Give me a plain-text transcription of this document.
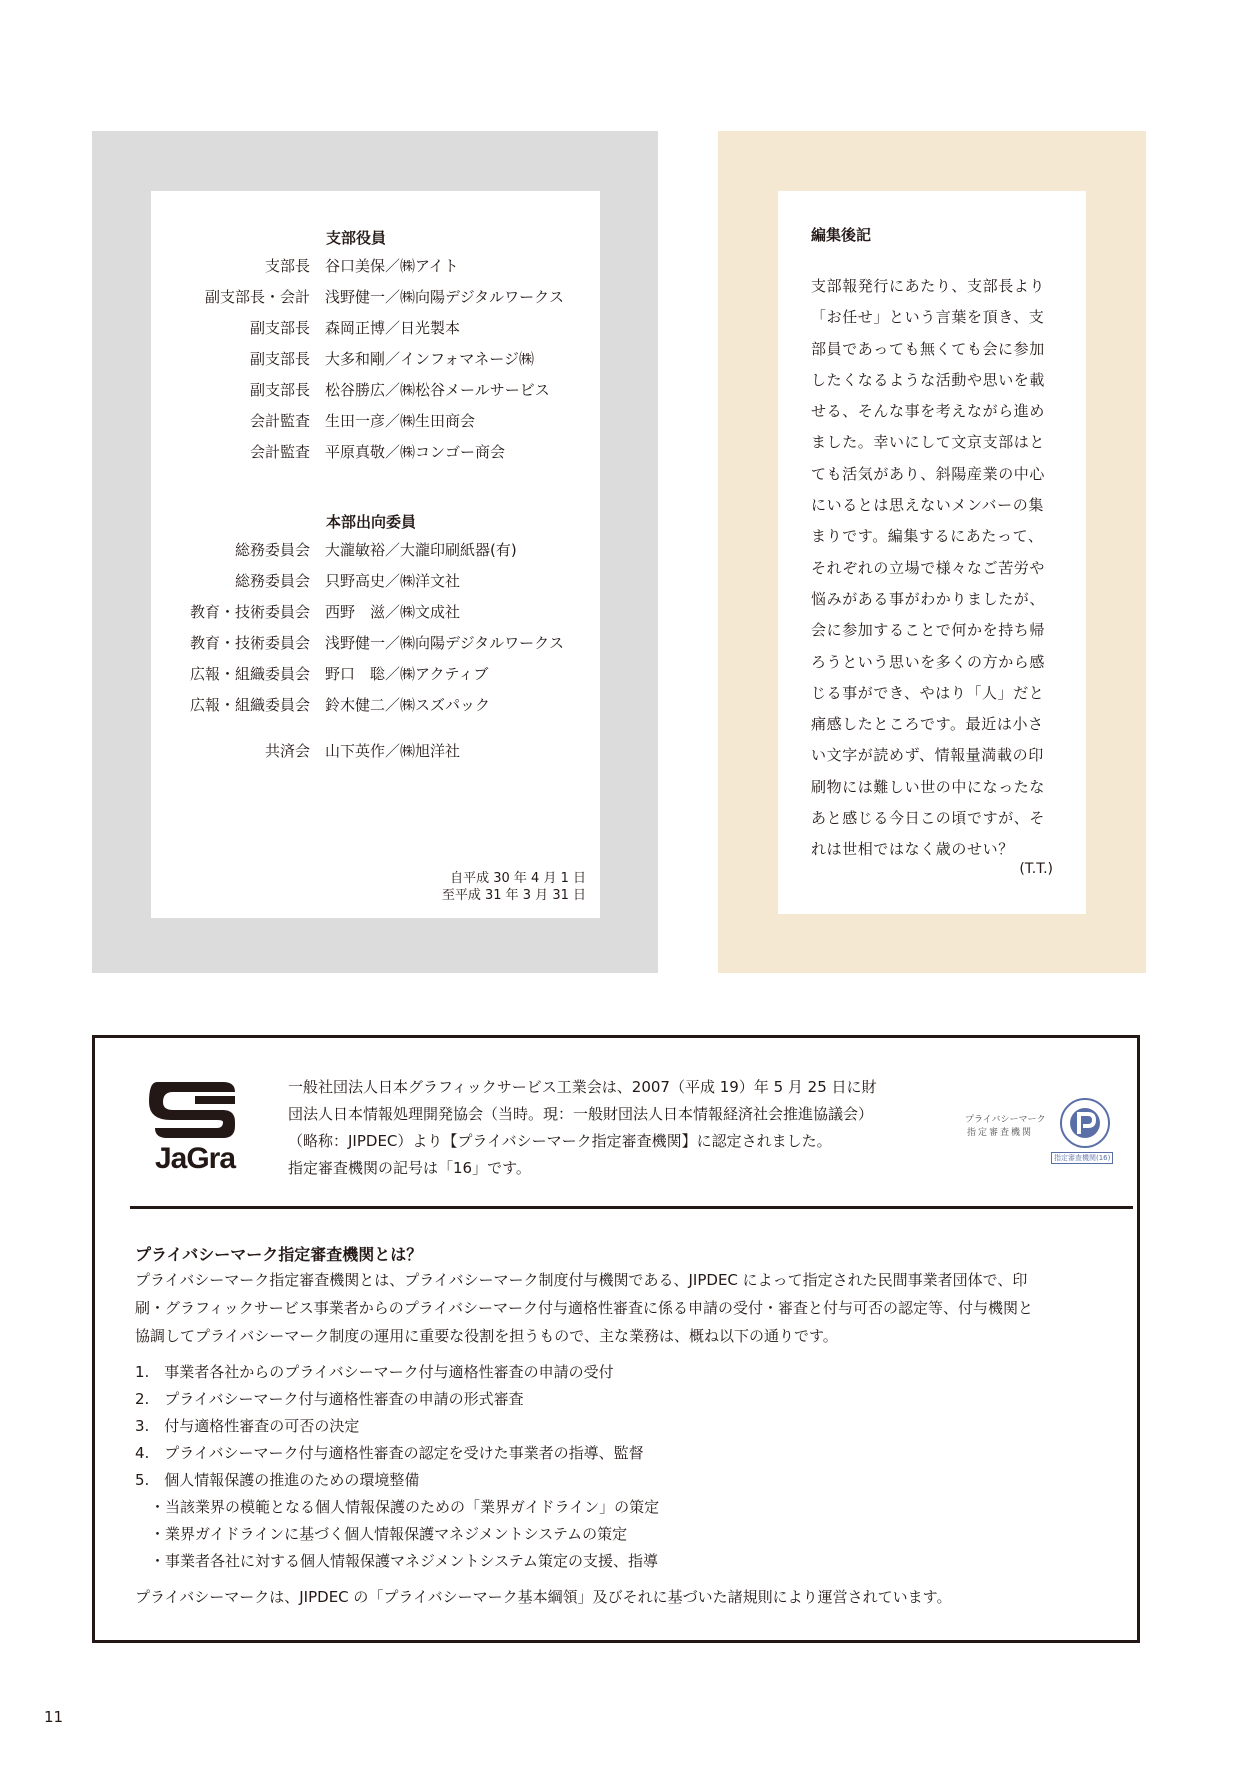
支部役員
支部長 谷口美保／㈱アイト
副支部長・会計 浅野健一／㈱向陽デジタルワークス
副支部長 森岡正博／日光製本
副支部長 大多和剛／インフォマネージ㈱
副支部長 松谷勝広／㈱松谷メールサービス
会計監査 生田一彦／㈱生田商会
会計監査 平原真敬／㈱コンゴー商会
本部出向委員
総務委員会 大瀧敏裕／大瀧印刷紙器(有)
総務委員会 只野高史／㈱洋文社
教育・技術委員会 西野　滋／㈱文成社
教育・技術委員会 浅野健一／㈱向陽デジタルワークス
広報・組織委員会 野口　聡／㈱アクティブ
広報・組織委員会 鈴木健二／㈱スズパック
共済会 山下英作／㈱旭洋社
自平成 30 年 4 月 1 日
至平成 31 年 3 月 31 日
編集後記
支部報発行にあたり、支部長より
「お任せ」という言葉を頂き、支
部員であっても無くても会に参加
したくなるような活動や思いを載
せる、そんな事を考えながら進め
ました。幸いにして文京支部はと
ても活気があり、斜陽産業の中心
にいるとは思えないメンバーの集
まりです。編集するにあたって、
それぞれの立場で様々なご苦労や
悩みがある事がわかりましたが、
会に参加することで何かを持ち帰
ろうという思いを多くの方から感
じる事ができ、やはり「人」だと
痛感したところです。最近は小さ
い文字が読めず、情報量満載の印
刷物には難しい世の中になったな
あと感じる今日この頃ですが、そ
れは世相ではなく歳のせい？
(T.T.)
JaGra
一般社団法人日本グラフィックサービス工業会は、2007（平成 19）年 5 月 25 日に財
団法人日本情報処理開発協会（当時。現：一般財団法人日本情報経済社会推進協議会）
（略称：JIPDEC）より【プライバシーマーク指定審査機関】に認定されました。
指定審査機関の記号は「16」です。
プライバシーマーク
指定審査機関
指定審査機関(16)
プライバシーマーク指定審査機関とは？
プライバシーマーク指定審査機関とは、プライバシーマーク制度付与機関である、JIPDEC によって指定された民間事業者団体で、印
刷・グラフィックサービス事業者からのプライバシーマーク付与適格性審査に係る申請の受付・審査と付与可否の認定等、付与機関と
協調してプライバシーマーク制度の運用に重要な役割を担うもので、主な業務は、概ね以下の通りです。
1.　事業者各社からのプライバシーマーク付与適格性審査の申請の受付
2.　プライバシーマーク付与適格性審査の申請の形式審査
3.　付与適格性審査の可否の決定
4.　プライバシーマーク付与適格性審査の認定を受けた事業者の指導、監督
5.　個人情報保護の推進のための環境整備
　・当該業界の模範となる個人情報保護のための「業界ガイドライン」の策定
　・業界ガイドラインに基づく個人情報保護マネジメントシステムの策定
　・事業者各社に対する個人情報保護マネジメントシステム策定の支援、指導
プライバシーマークは、JIPDEC の「プライバシーマーク基本綱領」及びそれに基づいた諸規則により運営されています。
11
